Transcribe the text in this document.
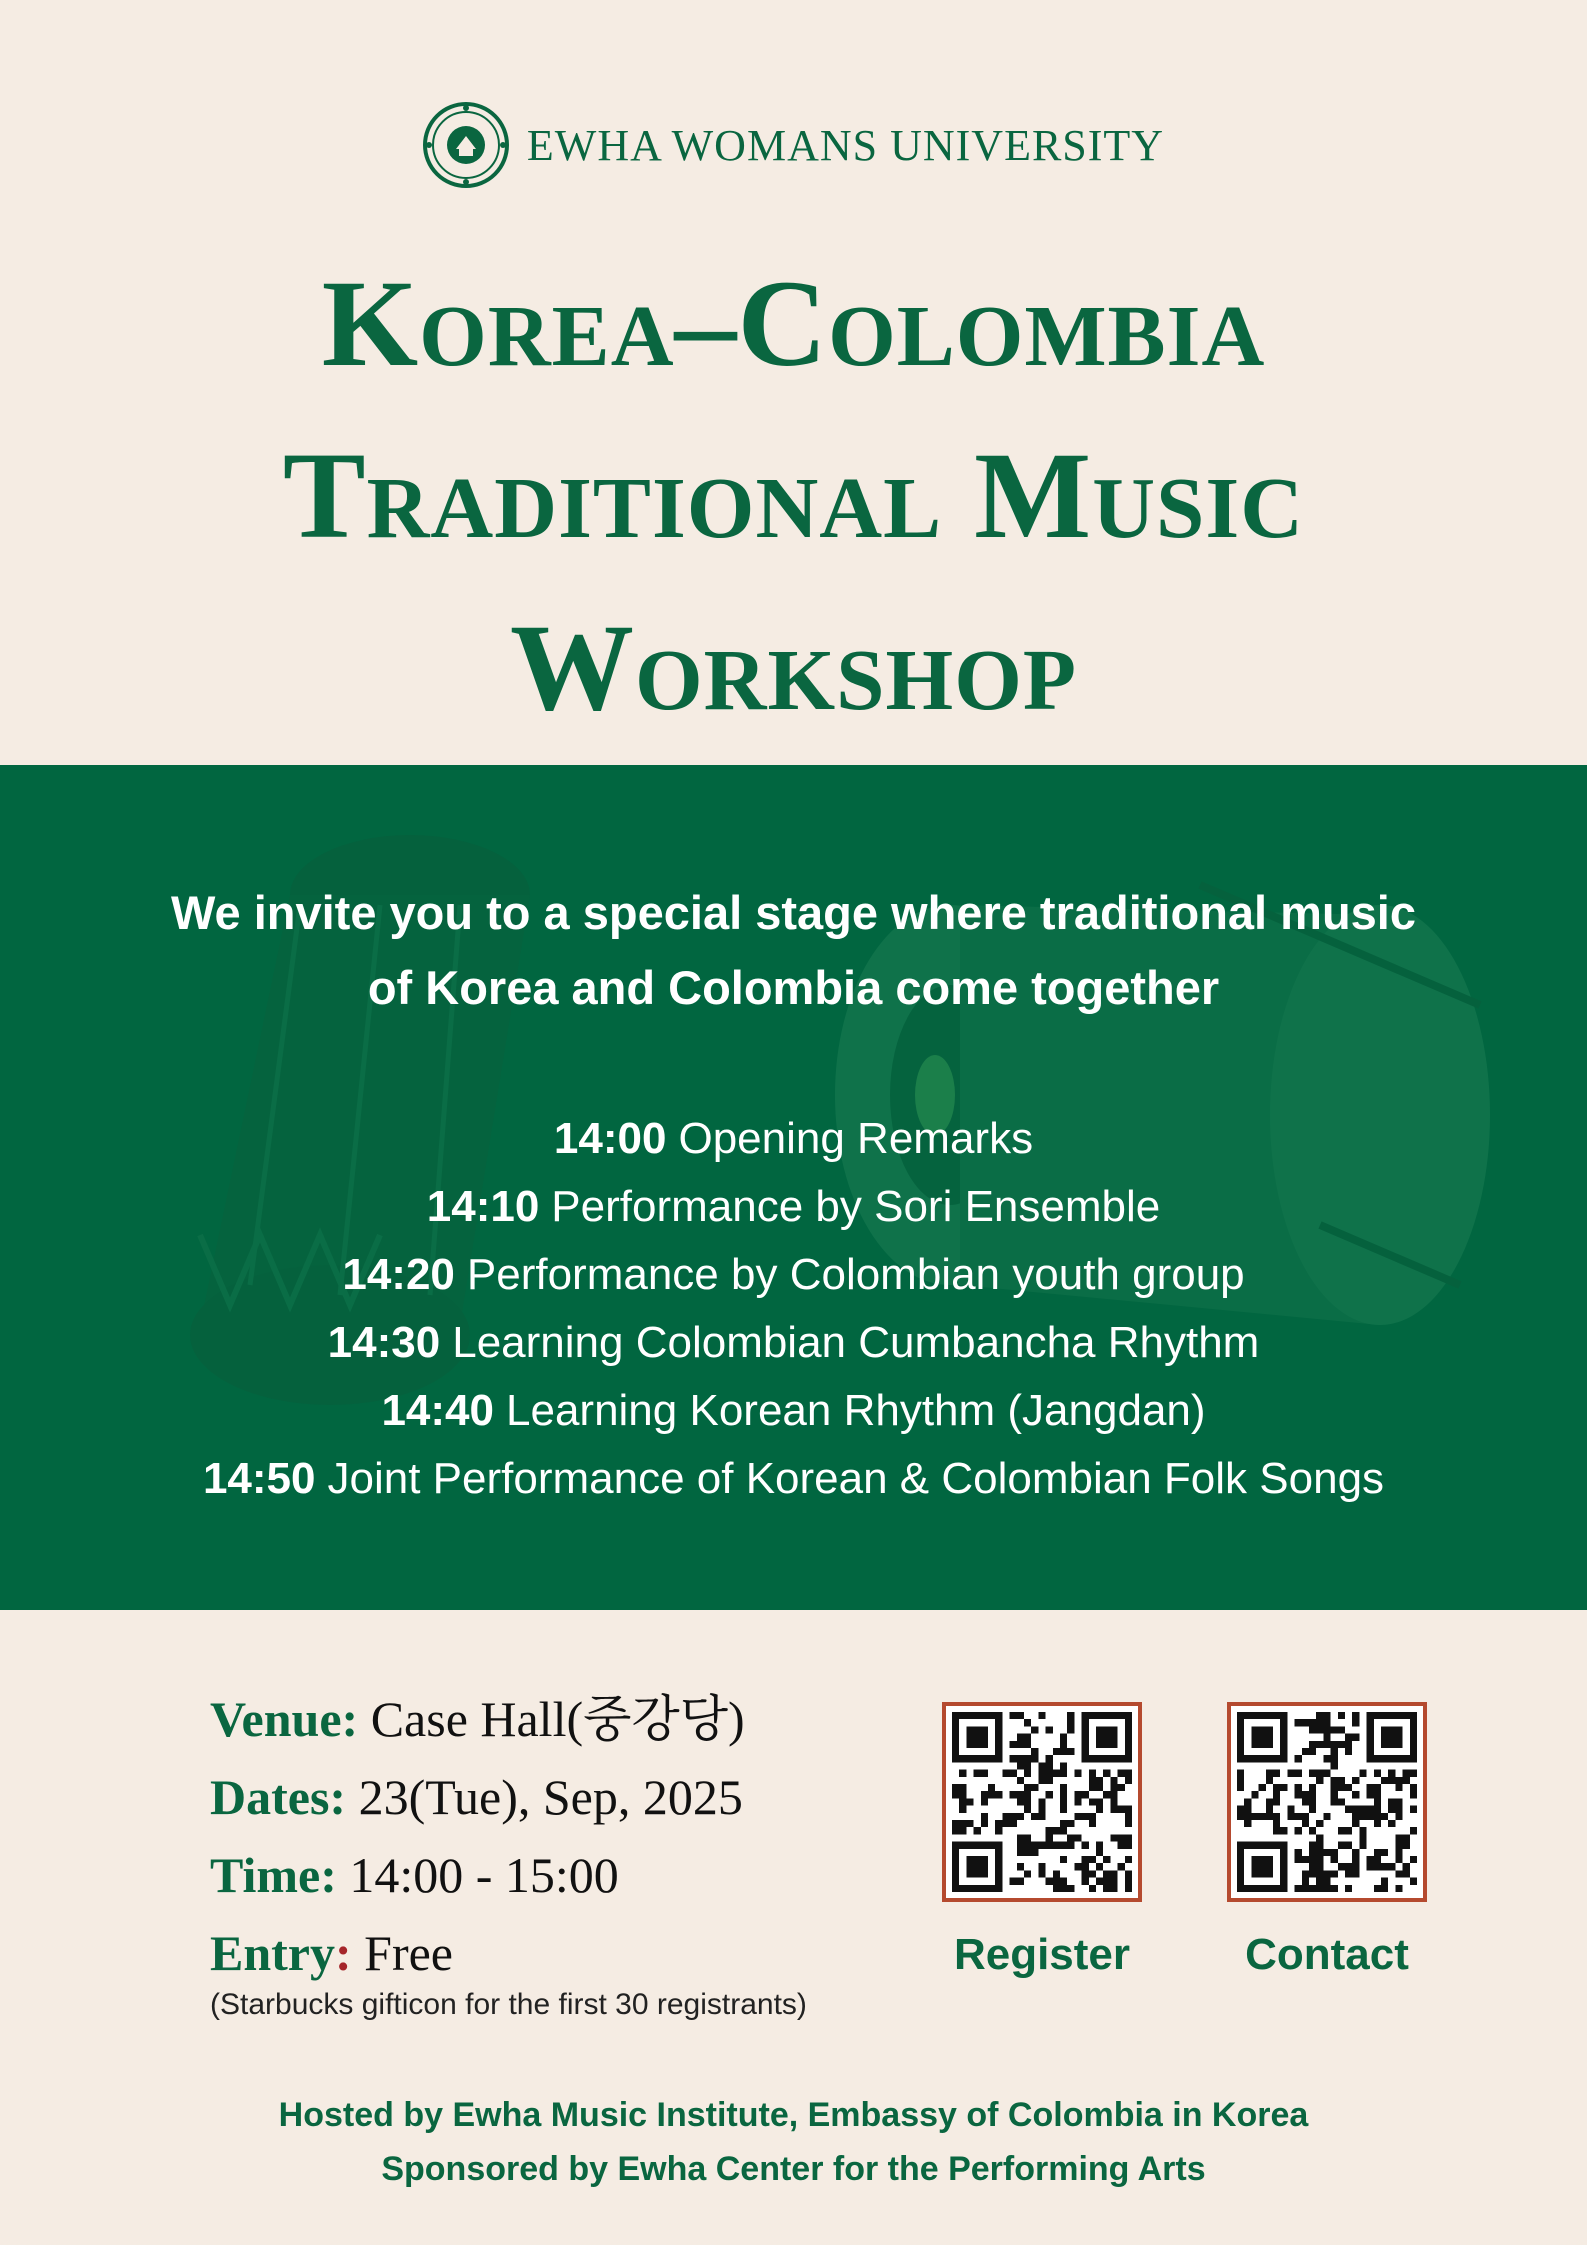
EWHA WOMANS UNIVERSITY
Korea–Colombia
Traditional Music
Workshop

We invite you to a special stage where traditional music
of Korea and Colombia come together

14:00 Opening Remarks
14:10 Performance by Sori Ensemble
14:20 Performance by Colombian youth group
14:30 Learning Colombian Cumbancha Rhythm
14:40 Learning Korean Rhythm (Jangdan)
14:50 Joint Performance of Korean & Colombian Folk Songs
Venue: Case Hall(중강당)
Dates: 23(Tue), Sep, 2025
Time: 14:00 - 15:00
Entry: Free
(Starbucks gifticon for the first 30 registrants)
Register	Contact
Hosted by Ewha Music Institute, Embassy of Colombia in Korea
Sponsored by Ewha Center for the Performing Arts
